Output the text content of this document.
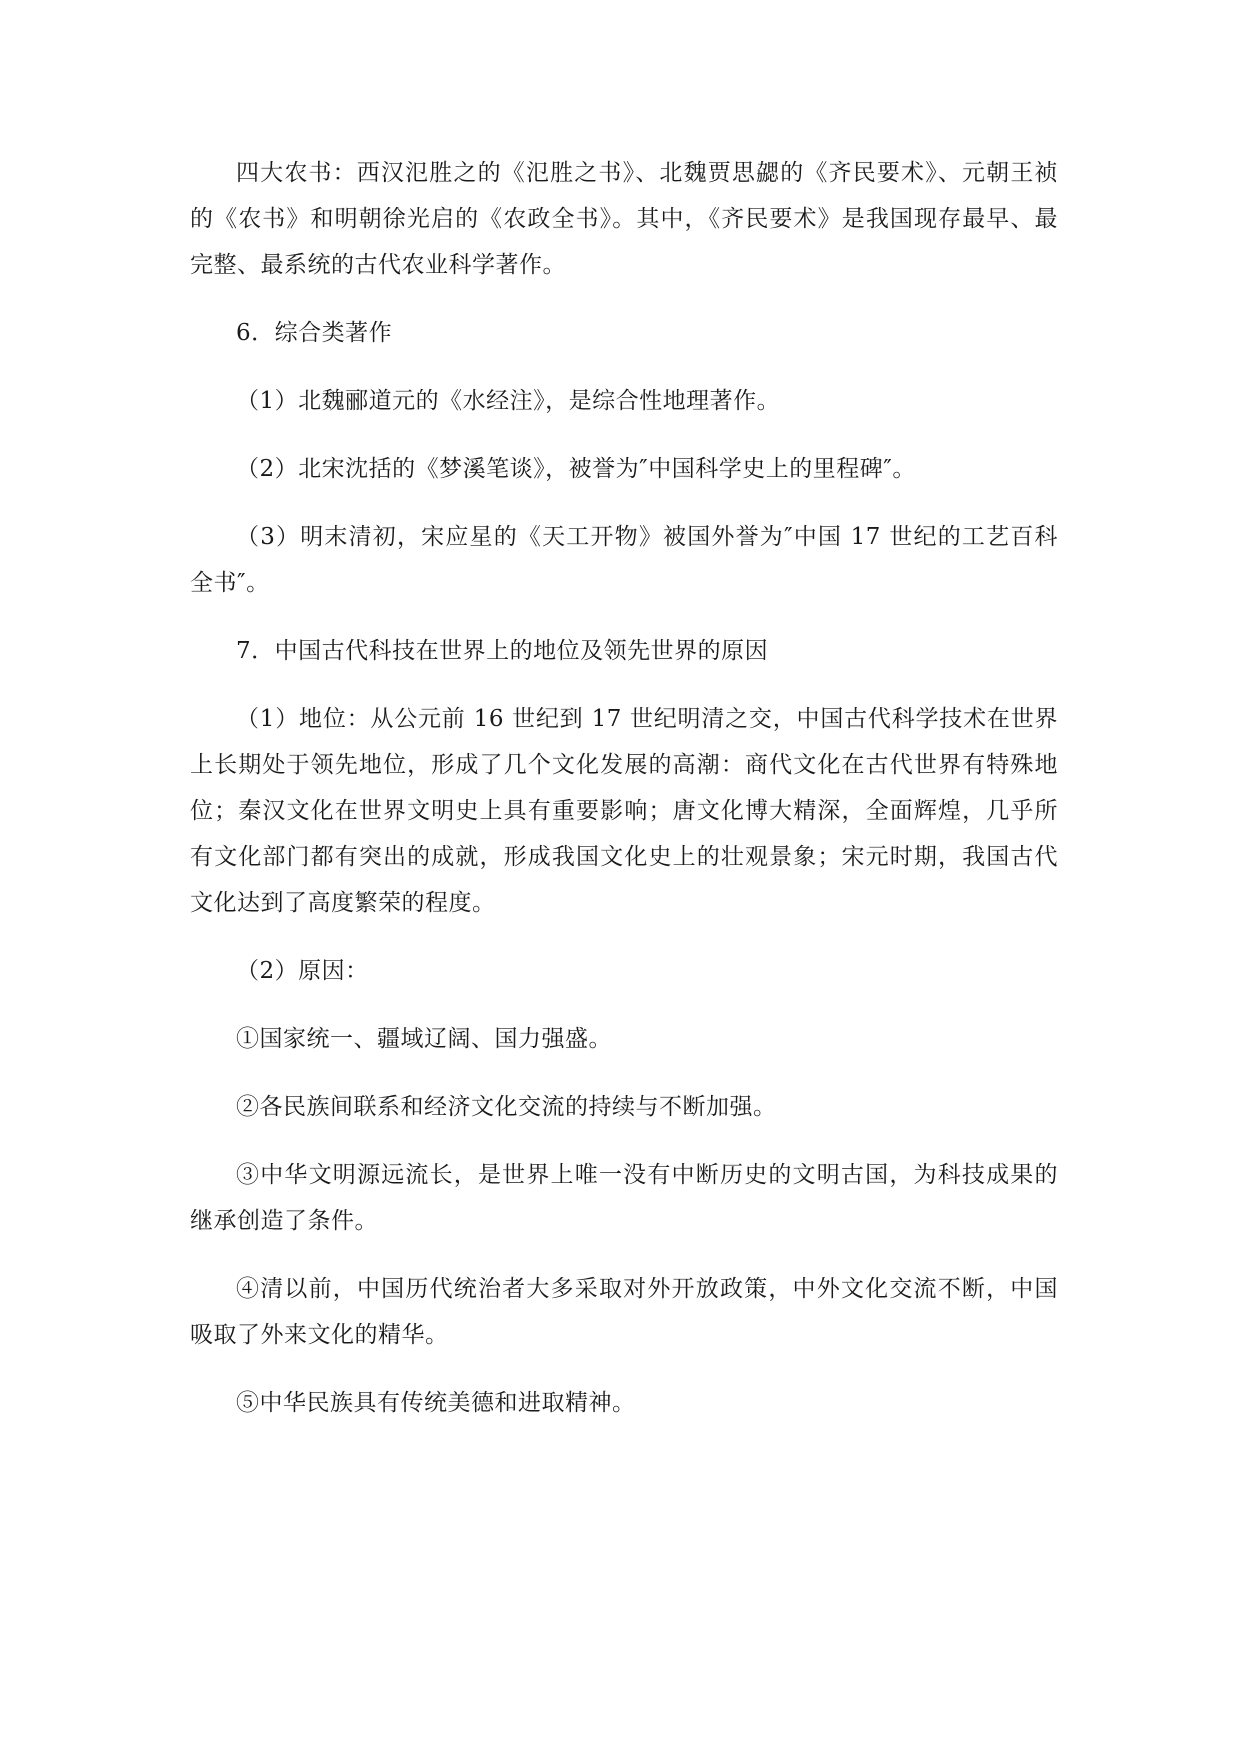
四大农书：西汉氾胜之的《氾胜之书》、北魏贾思勰的《齐民要术》、元朝王祯的《农书》和明朝徐光启的《农政全书》。其中，《齐民要术》是我国现存最早、最完整、最系统的古代农业科学著作。

6．综合类著作

（1）北魏郦道元的《水经注》，是综合性地理著作。

（2）北宋沈括的《梦溪笔谈》，被誉为″中国科学史上的里程碑″。

（3）明末清初，宋应星的《天工开物》被国外誉为″中国 17 世纪的工艺百科全书″。

7．中国古代科技在世界上的地位及领先世界的原因

（1）地位：从公元前 16 世纪到 17 世纪明清之交，中国古代科学技术在世界上长期处于领先地位，形成了几个文化发展的高潮：商代文化在古代世界有特殊地位；秦汉文化在世界文明史上具有重要影响；唐文化博大精深，全面辉煌，几乎所有文化部门都有突出的成就，形成我国文化史上的壮观景象；宋元时期，我国古代文化达到了高度繁荣的程度。

（2）原因：

①国家统一、疆域辽阔、国力强盛。

②各民族间联系和经济文化交流的持续与不断加强。

③中华文明源远流长，是世界上唯一没有中断历史的文明古国，为科技成果的继承创造了条件。

④清以前，中国历代统治者大多采取对外开放政策，中外文化交流不断，中国吸取了外来文化的精华。

⑤中华民族具有传统美德和进取精神。
